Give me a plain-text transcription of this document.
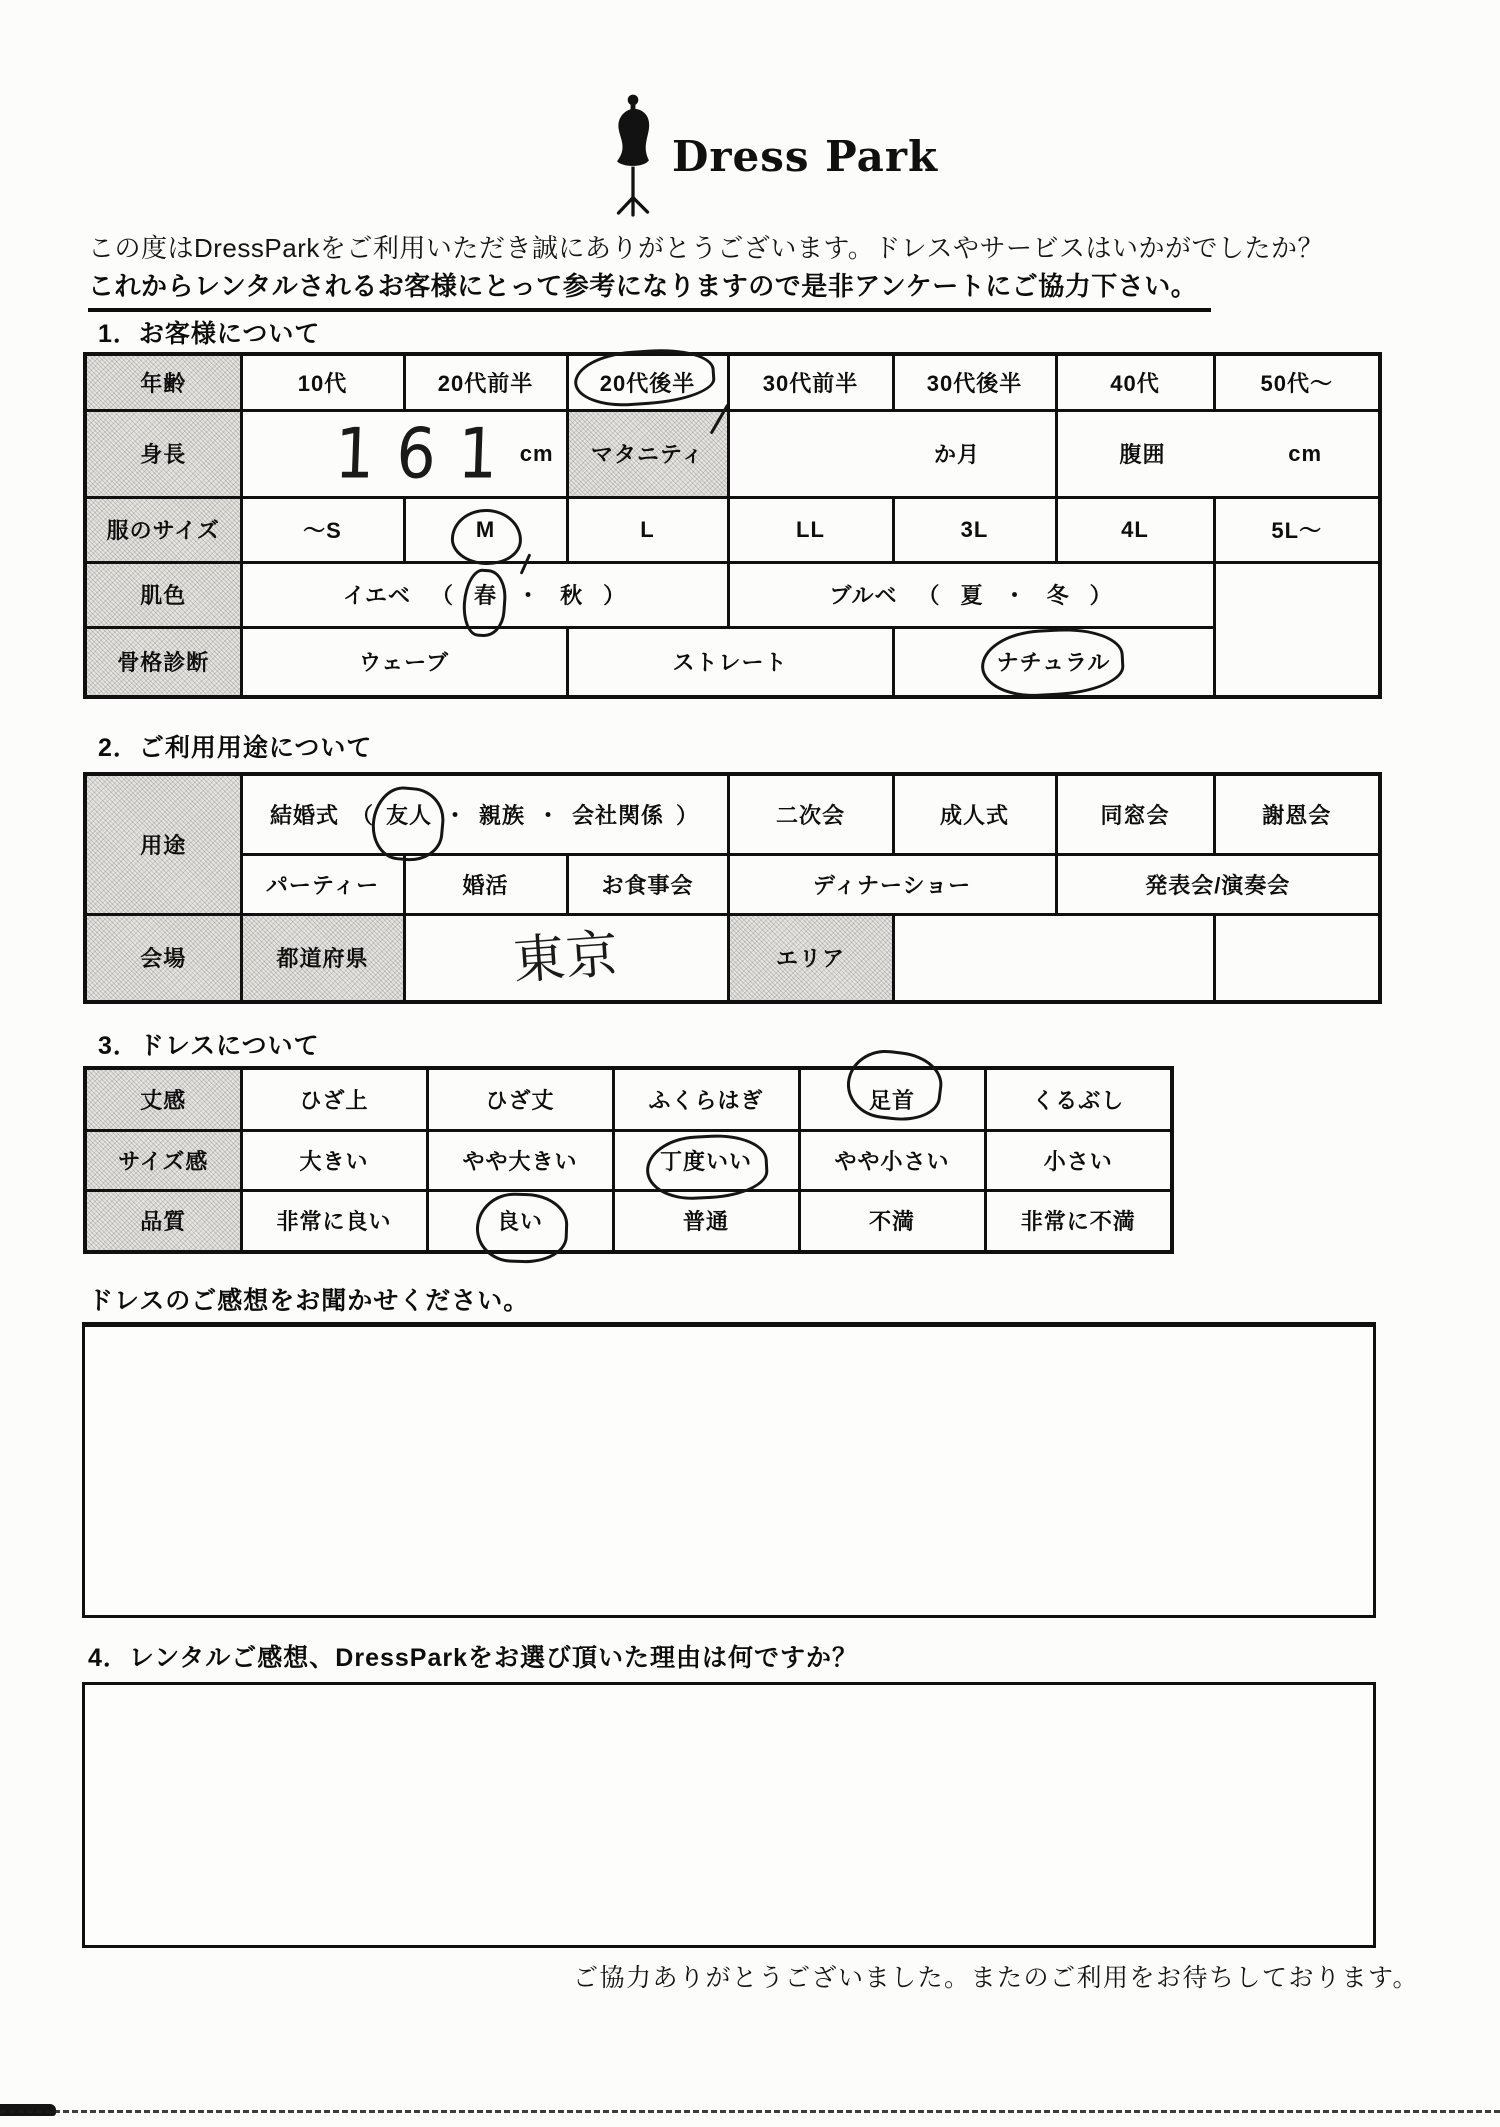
Dress Park
この度はDressParkをご利用いただき誠にありがとうございます。ドレスやサービスはいかがでしたか？
これからレンタルされるお客様にとって参考になりますので是非アンケートにご協力下さい。
1．お客様について
年齢	10代	20代前半	20代後半	30代前半	30代後半	40代	50代～
身長	161 cm		マタニティ	か月		腹囲 cm	

服のサイズ	～S	M	L	LL	3L	4L	5L～
肌色	イエベ （ 春 ・ 秋 ）	ブルベ （ 夏 ・ 冬 ）

骨格診断	ウェーブ		ストレート		ナチュラル		
2．ご利用用途について
用途	
結婚式 （ 友人 ・ 親族 ・ 会社関係 ）	二次会	成人式	同窓会	謝恩会
	パーティー	婚活	お食事会	ディナーショー		発表会/演奏会	
会場	都道府県	東京		エリア			
3．ドレスについて
丈感	ひざ上	ひざ丈	ふくらはぎ	足首	くるぶし
サイズ感	大きい	やや大きい	丁度いい	やや小さい	小さい
品質	非常に良い	良い	普通	不満	非常に不満
ドレスのご感想をお聞かせください。
4．レンタルご感想、DressParkをお選び頂いた理由は何ですか？
ご協力ありがとうございました。またのご利用をお待ちしております。
